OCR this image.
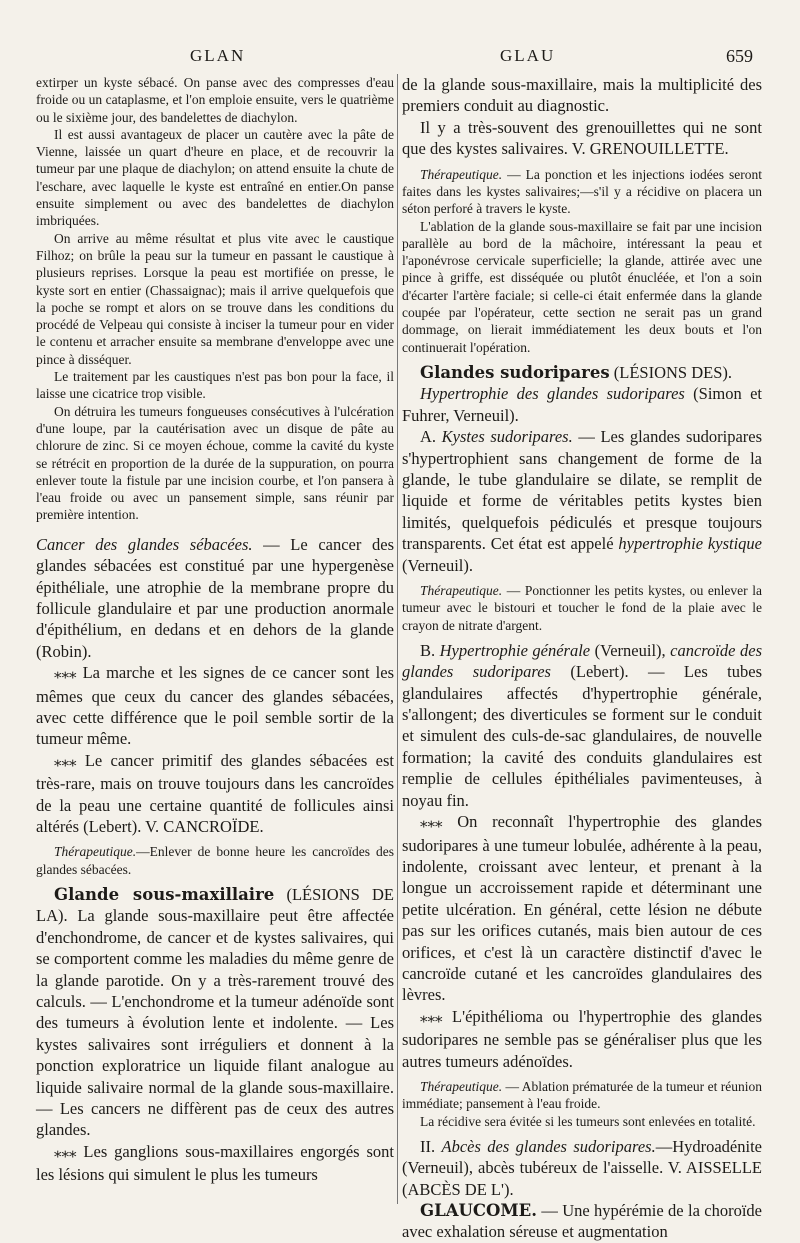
GLAN	GLAU	659

extirper un kyste sébacé. On panse avec des compresses d'eau froide ou un cataplasme, et l'on emploie ensuite, vers le quatrième ou le sixième jour, des bandelettes de diachylon.

Il est aussi avantageux de placer un cautère avec la pâte de Vienne, laissée un quart d'heure en place, et de recouvrir la tumeur par une plaque de diachylon; on attend ensuite la chute de l'eschare, avec laquelle le kyste est entraîné en entier.On panse ensuite simplement ou avec des bandelettes de diachylon imbriquées.

On arrive au même résultat et plus vite avec le caustique Filhoz; on brûle la peau sur la tumeur en passant le caustique à plusieurs reprises. Lorsque la peau est mortifiée on presse, le kyste sort en entier (Chassaignac); mais il arrive quelquefois que la poche se rompt et alors on se trouve dans les conditions du procédé de Velpeau qui consiste à inciser la tumeur pour en vider le contenu et arracher ensuite sa membrane d'enveloppe avec une pince à disséquer.

Le traitement par les caustiques n'est pas bon pour la face, il laisse une cicatrice trop visible.

On détruira les tumeurs fongueuses consécutives à l'ulcération d'une loupe, par la cautérisation avec un disque de pâte au chlorure de zinc. Si ce moyen échoue, comme la cavité du kyste se rétrécit en proportion de la durée de la suppuration, on pourra enlever toute la fistule par une incision courbe, et l'on pansera à l'eau froide ou avec un pansement simple, sans réunir par première intention.

Cancer des glandes sébacées. — Le cancer des glandes sébacées est constitué par une hypergenèse épithéliale, une atrophie de la membrane propre du follicule glandulaire et par une production anormale d'épithélium, en dedans et en dehors de la glande (Robin).

⁎⁎⁎ La marche et les signes de ce cancer sont les mêmes que ceux du cancer des glandes sébacées, avec cette différence que le poil semble sortir de la tumeur même.

⁎⁎⁎ Le cancer primitif des glandes sébacées est très-rare, mais on trouve toujours dans les cancroïdes de la peau une certaine quantité de follicules ainsi altérés (Lebert). V. CANCROÏDE.

Thérapeutique.—Enlever de bonne heure les cancroïdes des glandes sébacées.

Glande sous-maxillaire (LÉSIONS DE LA). La glande sous-maxillaire peut être affectée d'enchondrome, de cancer et de kystes salivaires, qui se comportent comme les maladies du même genre de la glande parotide. On y a très-rarement trouvé des calculs. — L'enchondrome et la tumeur adénoïde sont des tumeurs à évolution lente et indolente. — Les kystes salivaires sont irréguliers et donnent à la ponction exploratrice un liquide filant analogue au liquide salivaire normal de la glande sous-maxillaire. — Les cancers ne diffèrent pas de ceux des autres glandes.

⁎⁎⁎ Les ganglions sous-maxillaires engorgés sont les lésions qui simulent le plus les tumeurs

de la glande sous-maxillaire, mais la multiplicité des premiers conduit au diagnostic.

Il y a très-souvent des grenouillettes qui ne sont que des kystes salivaires. V. GRENOUILLETTE.

Thérapeutique. — La ponction et les injections iodées seront faites dans les kystes salivaires;—s'il y a récidive on placera un séton perforé à travers le kyste.

L'ablation de la glande sous-maxillaire se fait par une incision parallèle au bord de la mâchoire, intéressant la peau et l'aponévrose cervicale superficielle; la glande, attirée avec une pince à griffe, est disséquée ou plutôt énucléée, et l'on a soin d'écarter l'artère faciale; si celle-ci était enfermée dans la glande coupée par l'opérateur, cette section ne serait pas un grand dommage, on lierait immédiatement les deux bouts et l'on continuerait l'opération.

Glandes sudoripares (LÉSIONS DES).

Hypertrophie des glandes sudoripares (Simon et Fuhrer, Verneuil).

A. Kystes sudoripares. — Les glandes sudoripares s'hypertrophient sans changement de forme de la glande, le tube glandulaire se dilate, se remplit de liquide et forme de véritables petits kystes bien limités, quelquefois pédiculés et presque toujours transparents. Cet état est appelé hypertrophie kystique (Verneuil).

Thérapeutique. — Ponctionner les petits kystes, ou enlever la tumeur avec le bistouri et toucher le fond de la plaie avec le crayon de nitrate d'argent.

B. Hypertrophie générale (Verneuil), cancroïde des glandes sudoripares (Lebert). — Les tubes glandulaires affectés d'hypertrophie générale, s'allongent; des diverticules se forment sur le conduit et simulent des culs-de-sac glandulaires, de nouvelle formation; la cavité des conduits glandulaires est remplie de cellules épithéliales pavimenteuses, à noyau fin.

⁎⁎⁎ On reconnaît l'hypertrophie des glandes sudoripares à une tumeur lobulée, adhérente à la peau, indolente, croissant avec lenteur, et prenant à la longue un accroissement rapide et déterminant une petite ulcération. En général, cette lésion ne débute pas sur les orifices cutanés, mais bien autour de ces orifices, et c'est là un caractère distinctif d'avec le cancroïde cutané et les cancroïdes glandulaires des lèvres.

⁎⁎⁎ L'épithélioma ou l'hypertrophie des glandes sudoripares ne semble pas se généraliser plus que les autres tumeurs adénoïdes.

Thérapeutique. — Ablation prématurée de la tumeur et réunion immédiate; pansement à l'eau froide.

La récidive sera évitée si les tumeurs sont enlevées en totalité.

II. Abcès des glandes sudoripares.—Hydroadénite (Verneuil), abcès tubéreux de l'aisselle. V. AISSELLE (ABCÈS DE L').

GLAUCOME. — Une hypérémie de la choroïde avec exhalation séreuse et augmentation
